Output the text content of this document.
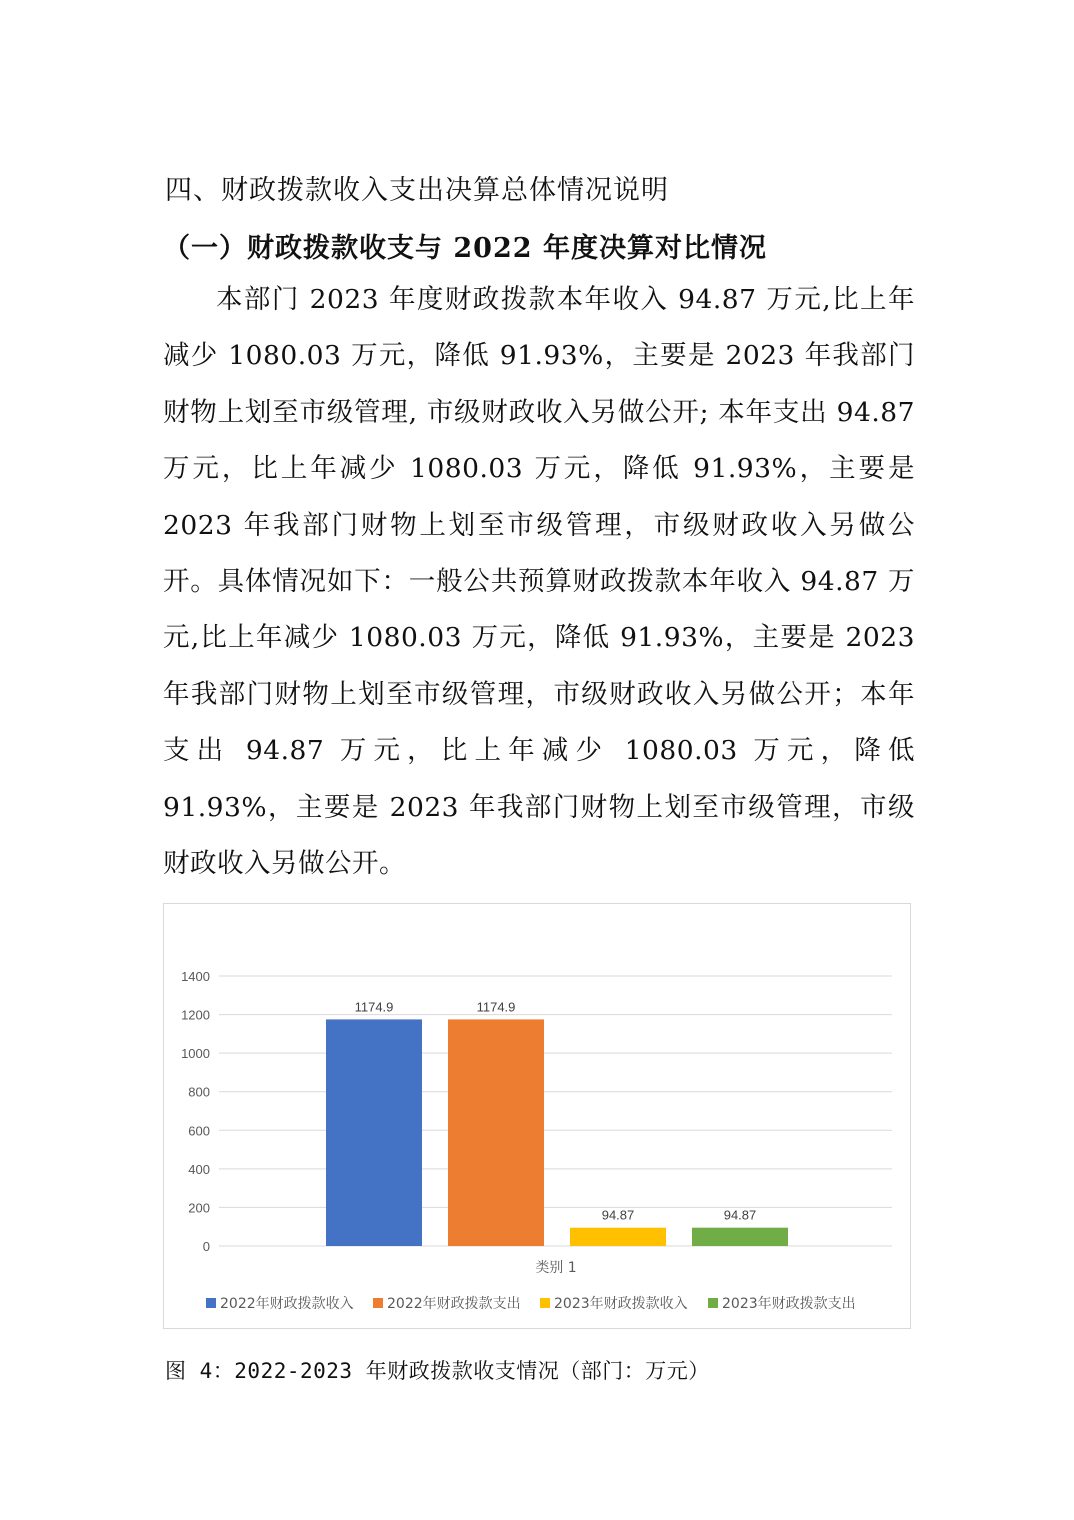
四、财政拨款收入支出决算总体情况说明
（一）财政拨款收支与 2022 年度决算对比情况

本部门 2023 年度财政拨款本年收入 94.87 万元,比上年减少 1080.03 万元，降低 91.93%，主要是 2023 年我部门财物上划至市级管理, 市级财政收入另做公开; 本年支出 94.87 万元，比上年减少 1080.03 万元，降低 91.93%，主要是 2023 年我部门财物上划至市级管理，市级财政收入另做公开。具体情况如下：一般公共预算财政拨款本年收入 94.87 万元,比上年减少 1080.03 万元，降低 91.93%，主要是 2023 年我部门财物上划至市级管理，市级财政收入另做公开；本年支出 94.87 万元，比上年减少 1080.03 万元，降低 91.93%，主要是 2023 年我部门财物上划至市级管理，市级财政收入另做公开。

0
200
400
600
800
1000
1200
1400
1174.9	1174.9
94.87	94.87
类别 1
2022年财政拨款收入 2022年财政拨款支出 2023年财政拨款收入 2023年财政拨款支出
图 4：2022-2023 年财政拨款收支情况（部门：万元）
